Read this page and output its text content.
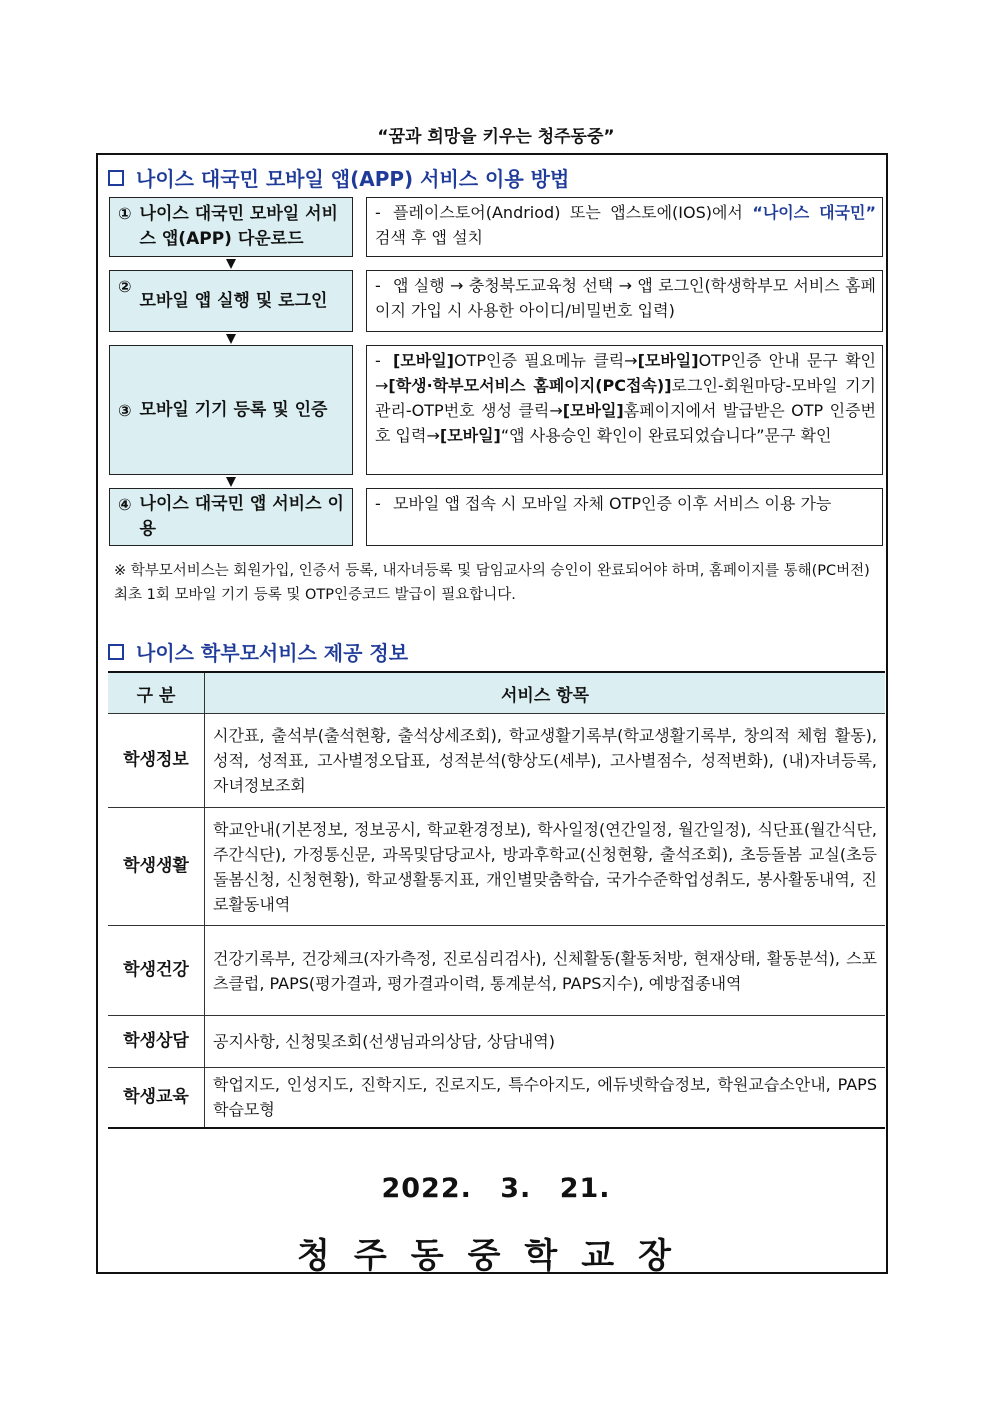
“꿈과 희망을 키우는 청주동중”
나이스 대국민 모바일 앱(APP) 서비스 이용 방법
① 나이스 대국민 모바일 서비스 앱(APP) 다운로드
- 플레이스토어(Andriod) 또는 앱스토에(IOS)에서 “나이스 대국민” 검색 후 앱 설치
②
모바일 앱 실행 및 로그인
- 앱 실행 → 충청북도교육청 선택 → 앱 로그인(학생학부모 서비스 홈페이지 가입 시 사용한 아이디/비밀번호 입력)
③ 모바일 기기 등록 및 인증
- [모바일]OTP인증 필요메뉴 클릭→[모바일]OTP인증 안내 문구 확인→[학생·학부모서비스 홈페이지(PC접속)]로그인-회원마당-모바일 기기 관리-OTP번호 생성 클릭→[모바일]홈페이지에서 발급받은 OTP 인증번호 입력→[모바일]“앱 사용승인 확인이 완료되었습니다”문구 확인
④ 나이스 대국민 앱 서비스 이용
- 모바일 앱 접속 시 모바일 자체 OTP인증 이후 서비스 이용 가능
※ 학부모서비스는 회원가입, 인증서 등록, 내자녀등록 및 담임교사의 승인이 완료되어야 하며, 홈페이지를 통해(PC버전) 최초 1회 모바일 기기 등록 및 OTP인증코드 발급이 필요합니다.
나이스 학부모서비스 제공 정보
구 분	서비스 항목
학생정보	시간표, 출석부(출석현황, 출석상세조회), 학교생활기록부(학교생활기록부, 창의적 체험 활동), 성적, 성적표, 고사별정오답표, 성적분석(향상도(세부), 고사별점수, 성적변화), (내)자녀등록, 자녀정보조회
학생생활	학교안내(기본정보, 정보공시, 학교환경정보), 학사일정(연간일정, 월간일정), 식단표(월간식단, 주간식단), 가정통신문, 과목및담당교사, 방과후학교(신청현황, 출석조회), 초등돌봄 교실(초등돌봄신청, 신청현황), 학교생활통지표, 개인별맞춤학습, 국가수준학업성취도, 봉사활동내역, 진로활동내역
학생건강	건강기록부, 건강체크(자가측정, 진로심리검사), 신체활동(활동처방, 현재상태, 활동분석), 스포츠클럽, PAPS(평가결과, 평가결과이력, 통계분석, PAPS지수), 예방접종내역
학생상담	공지사항, 신청및조회(선생님과의상담, 상담내역)
학생교육	학업지도, 인성지도, 진학지도, 진로지도, 특수아지도, 에듀넷학습정보, 학원교습소안내, PAPS학습모형
2022. 3. 21.
청주동중학교장
